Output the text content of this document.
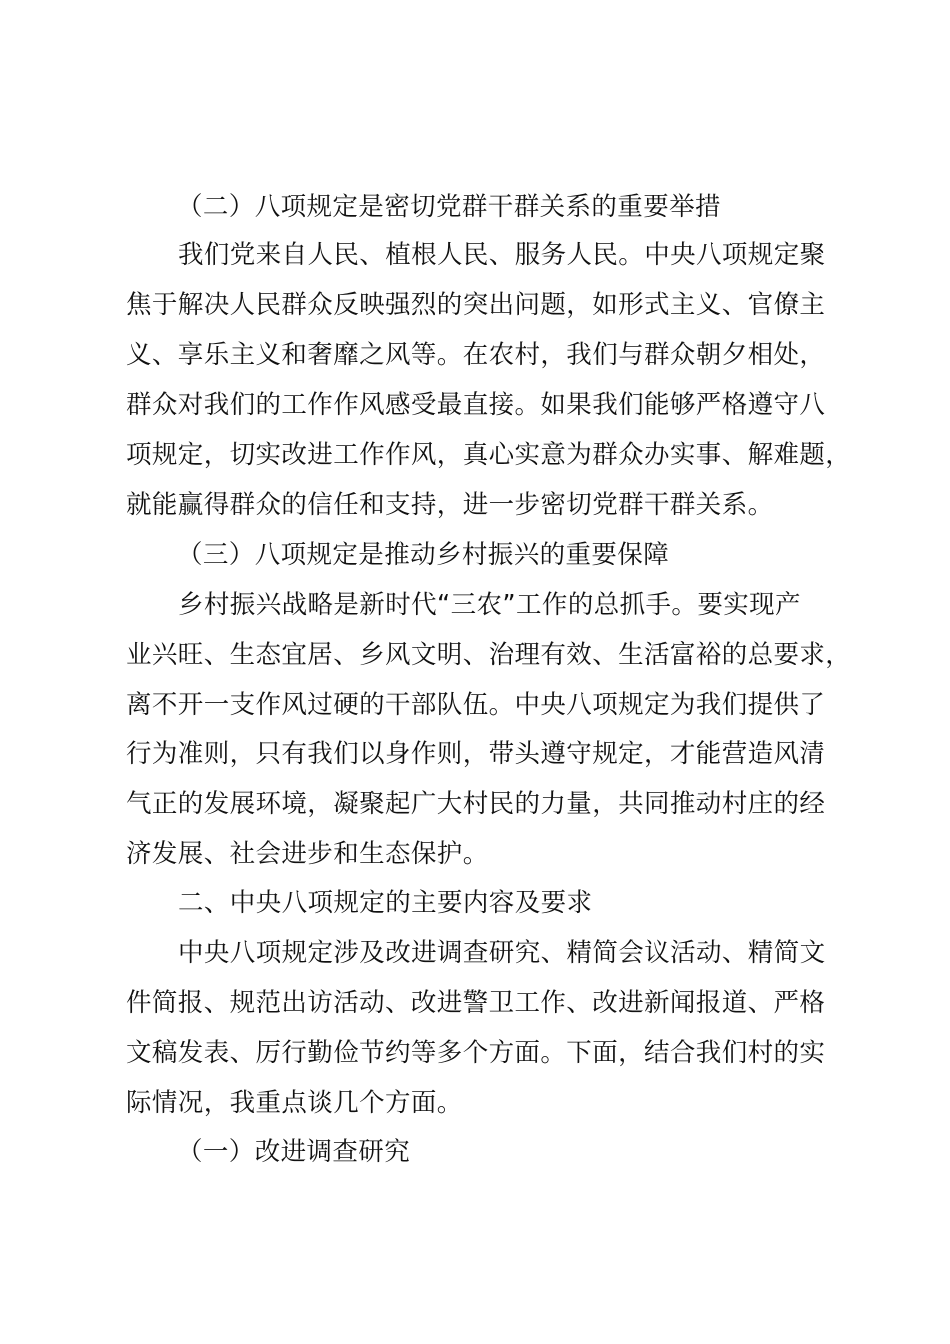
（二）八项规定是密切党群干群关系的重要举措
我们党来自人民、植根人民、服务人民。中央八项规定聚
焦于解决人民群众反映强烈的突出问题，如形式主义、官僚主
义、享乐主义和奢靡之风等。在农村，我们与群众朝夕相处，
群众对我们的工作作风感受最直接。如果我们能够严格遵守八
项规定，切实改进工作作风，真心实意为群众办实事、解难题，
就能赢得群众的信任和支持，进一步密切党群干群关系。
（三）八项规定是推动乡村振兴的重要保障
乡村振兴战略是新时代“三农”工作的总抓手。要实现产
业兴旺、生态宜居、乡风文明、治理有效、生活富裕的总要求，
离不开一支作风过硬的干部队伍。中央八项规定为我们提供了
行为准则，只有我们以身作则，带头遵守规定，才能营造风清
气正的发展环境，凝聚起广大村民的力量，共同推动村庄的经
济发展、社会进步和生态保护。
二、中央八项规定的主要内容及要求
中央八项规定涉及改进调查研究、精简会议活动、精简文
件简报、规范出访活动、改进警卫工作、改进新闻报道、严格
文稿发表、厉行勤俭节约等多个方面。下面，结合我们村的实
际情况，我重点谈几个方面。
（一）改进调查研究
